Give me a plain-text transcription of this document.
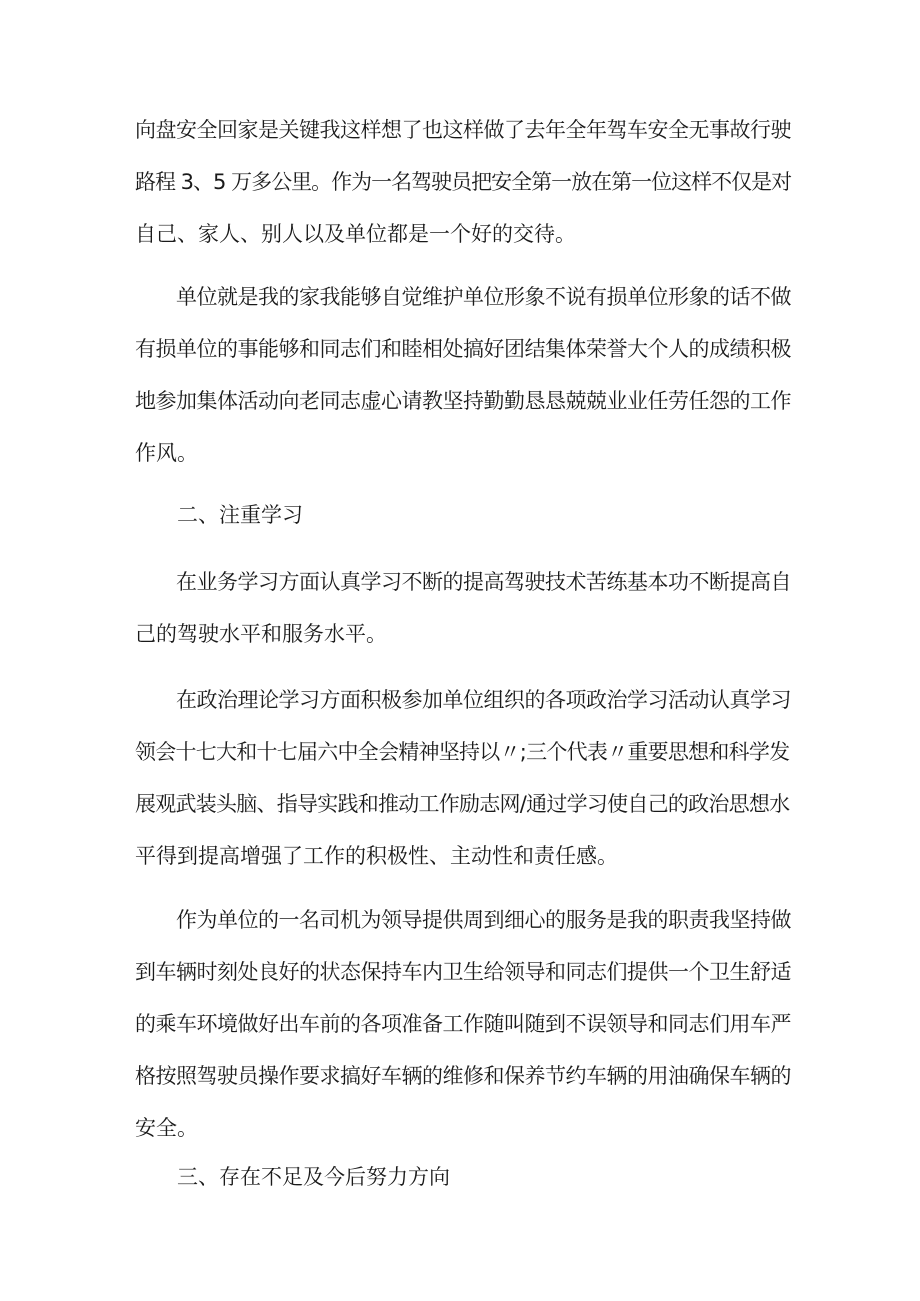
向盘安全回家是关键我这样想了也这样做了去年全年驾车安全无事故行驶
路程 3、5 万多公里。作为一名驾驶员把安全第一放在第一位这样不仅是对
自己、家人、别人以及单位都是一个好的交待。

　　单位就是我的家我能够自觉维护单位形象不说有损单位形象的话不做
有损单位的事能够和同志们和睦相处搞好团结集体荣誉大个人的成绩积极
地参加集体活动向老同志虚心请教坚持勤勤恳恳兢兢业业任劳任怨的工作
作风。

　　二、注重学习

　　在业务学习方面认真学习不断的提高驾驶技术苦练基本功不断提高自
己的驾驶水平和服务水平。

　　在政治理论学习方面积极参加单位组织的各项政治学习活动认真学习
领会十七大和十七届六中全会精神坚持以〃;三个代表〃重要思想和科学发
展观武装头脑、指导实践和推动工作励志网/通过学习使自己的政治思想水
平得到提高增强了工作的积极性、主动性和责任感。

　　作为单位的一名司机为领导提供周到细心的服务是我的职责我坚持做
到车辆时刻处良好的状态保持车内卫生给领导和同志们提供一个卫生舒适
的乘车环境做好出车前的各项准备工作随叫随到不误领导和同志们用车严
格按照驾驶员操作要求搞好车辆的维修和保养节约车辆的用油确保车辆的
安全。

　　三、存在不足及今后努力方向
